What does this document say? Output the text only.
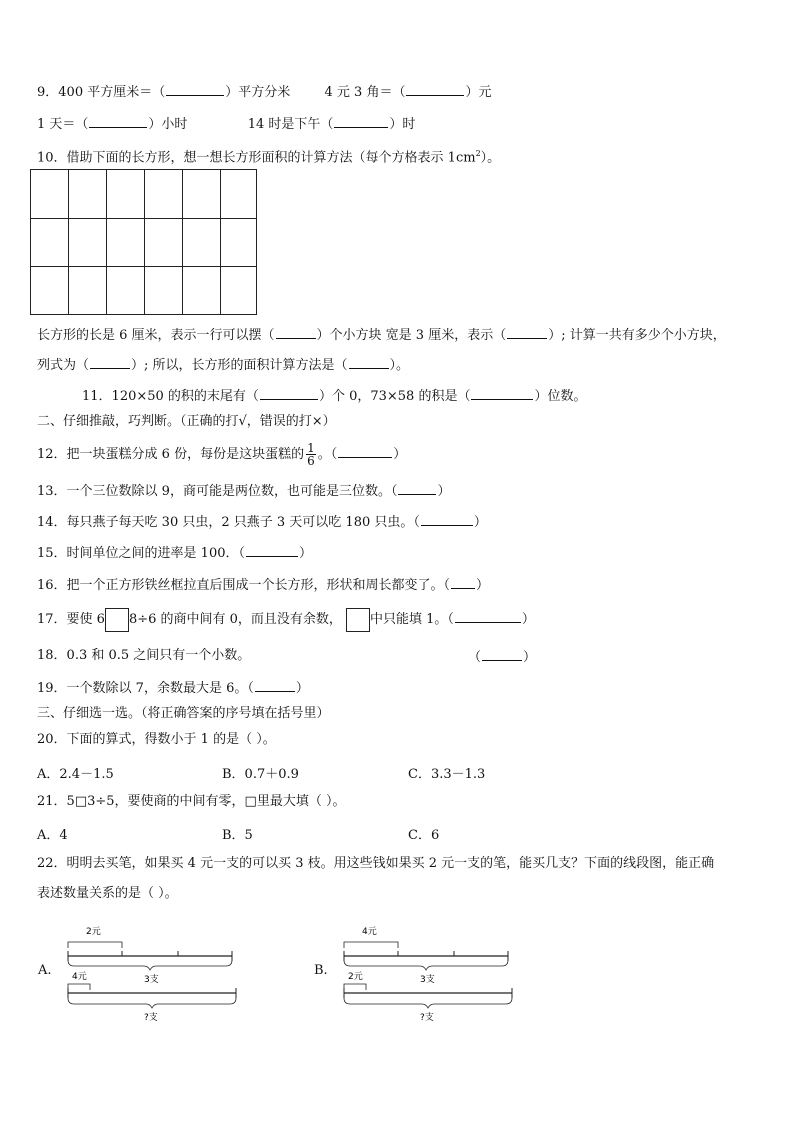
9．400 平方厘米＝（	）平方分米	4 元 3 角＝（	）元
1 天＝（	）小时	14 时是下午（	）时
10．借助下面的长方形，想一想长方形面积的计算方法（每个方格表示 $1cm^2$）。
长方形的长是 6 厘米，表示一行可以摆（	）个小方块 宽是 3 厘米，表示（	）; 计算一共有多少个小方块，
列式为（	）; 所以，长方形的面积计算方法是（	）。
11．120×50 的积的末尾有（	）个 0，73×58 的积是（	）位数。
二、仔细推敲，巧判断。（正确的打√，错误的打×）
12．把一块蛋糕分成 6 份，每份是这块蛋糕的 $\frac{1}{6}$ 。（	）
13．一个三位数除以 9，商可能是两位数，也可能是三位数。（	）
14．每只燕子每天吃 30 只虫，2 只燕子 3 天可以吃 180 只虫。（	）
15．时间单位之间的进率是 100．（	）
16．把一个正方形铁丝框拉直后围成一个长方形，形状和周长都变了。（ ）
17．要使 6 8÷6 的商中间有 0，而且没有余数， 中只能填 1。（	）
18．0.3 和 0.5 之间只有一个小数。	（	）
19．一个数除以 7，余数最大是 6。（	）
三、仔细选一选。（将正确答案的序号填在括号里）
20．下面的算式，得数小于 1 的是（ ）。
A．2.4－1.5	B．0.7＋0.9	C．3.3－1.3
21．5□3÷5，要使商的中间有零，□里最大填（ ）。
A．4	B．5	C．6
22．明明去买笔，如果买 4 元一支的可以买 3 枝。用这些钱如果买 2 元一支的笔，能买几支？下面的线段图，能正确
表述数量关系的是（ ）。
A.
2元
4元	3支
?支
B.
4元
2元	3支
?支
